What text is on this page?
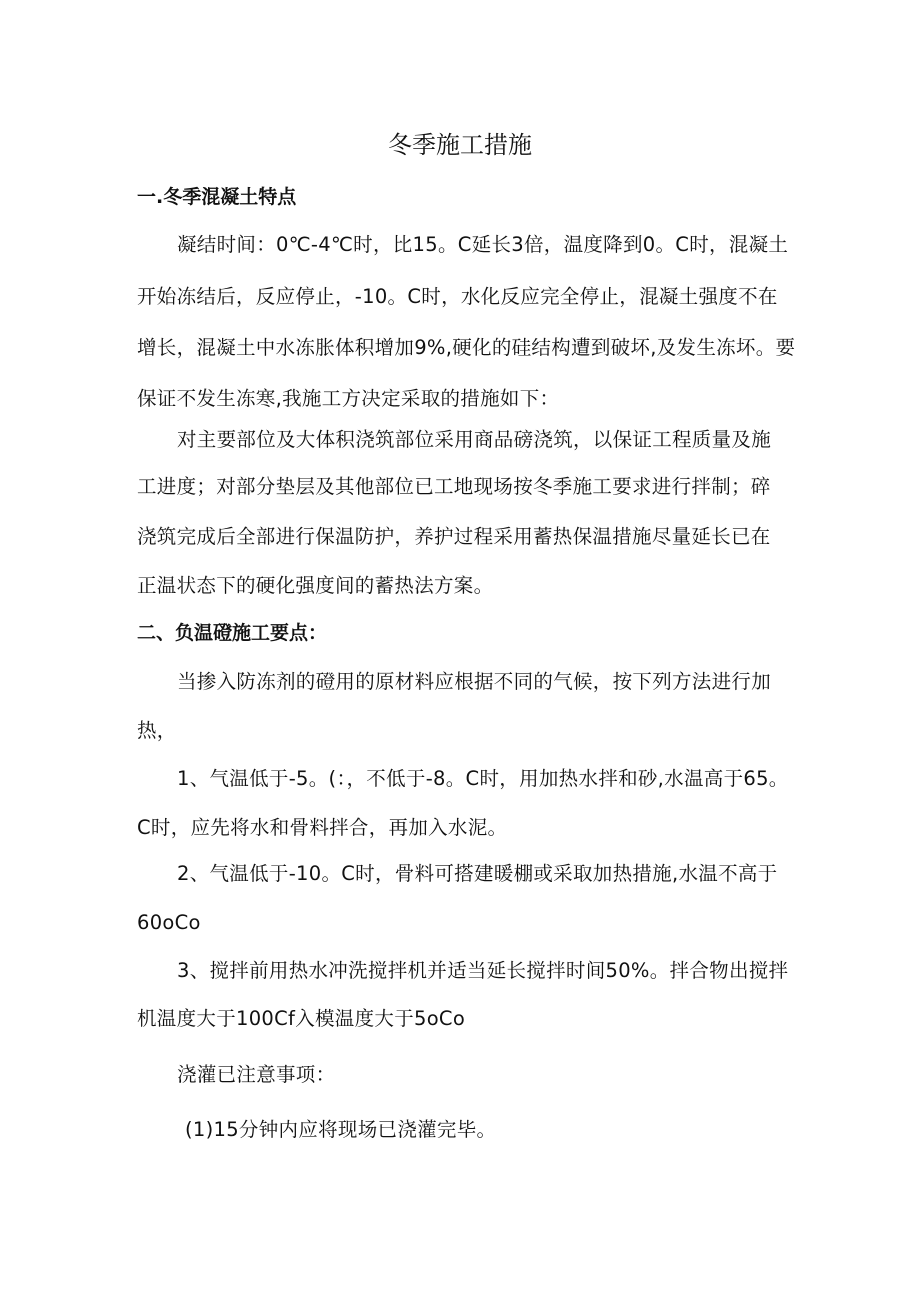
冬季施工措施
一.冬季混凝土特点
凝结时间：0℃-4℃时，比15。C延长3倍，温度降到0。C时，混凝土
开始冻结后，反应停止，-10。C时，水化反应完全停止，混凝土强度不在
增长，混凝土中水冻胀体积增加9%,硬化的硅结构遭到破坏,及发生冻坏。要
保证不发生冻寒,我施工方决定采取的措施如下：
对主要部位及大体积浇筑部位采用商品磅浇筑，以保证工程质量及施
工进度；对部分垫层及其他部位已工地现场按冬季施工要求进行拌制；碎
浇筑完成后全部进行保温防护，养护过程采用蓄热保温措施尽量延长已在
正温状态下的硬化强度间的蓄热法方案。
二、负温磴施工要点：
当掺入防冻剂的磴用的原材料应根据不同的气候，按下列方法进行加
热，
1、气温低于-5。(：，不低于-8。C时，用加热水拌和砂,水温高于65。
C时，应先将水和骨料拌合，再加入水泥。
2、气温低于-10。C时，骨料可搭建暖棚或采取加热措施,水温不高于
60oCo
3、搅拌前用热水冲洗搅拌机并适当延长搅拌时间50%。拌合物出搅拌
机温度大于100Cf入模温度大于5oCo
浇灌已注意事项：
(1)15分钟内应将现场已浇灌完毕。
